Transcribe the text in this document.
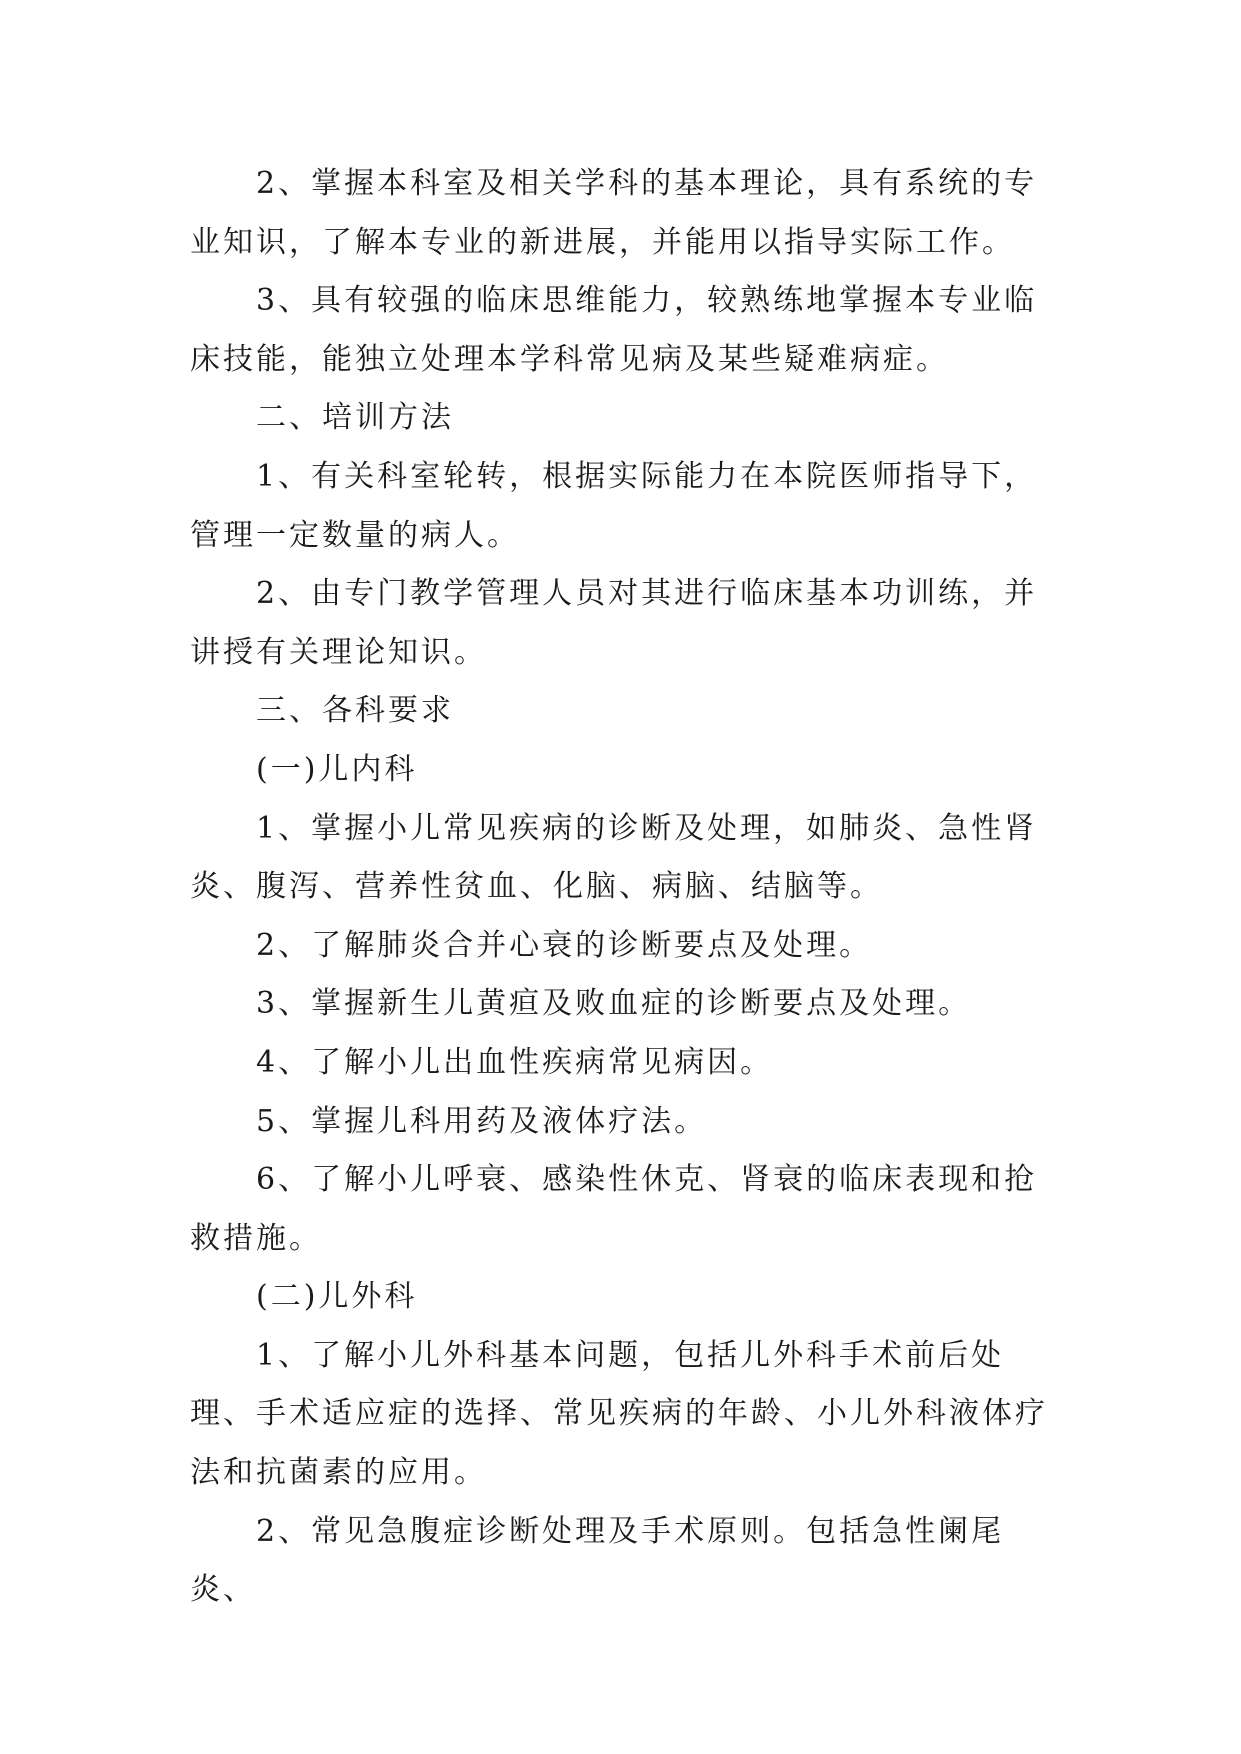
2、掌握本科室及相关学科的基本理论，具有系统的专业知识，了解本专业的新进展，并能用以指导实际工作。

3、具有较强的临床思维能力，较熟练地掌握本专业临床技能，能独立处理本学科常见病及某些疑难病症。

二、培训方法

1、有关科室轮转，根据实际能力在本院医师指导下，管理一定数量的病人。

2、由专门教学管理人员对其进行临床基本功训练，并讲授有关理论知识。

三、各科要求

(一)儿内科

1、掌握小儿常见疾病的诊断及处理，如肺炎、急性肾炎、腹泻、营养性贫血、化脑、病脑、结脑等。

2、了解肺炎合并心衰的诊断要点及处理。

3、掌握新生儿黄疸及败血症的诊断要点及处理。

4、了解小儿出血性疾病常见病因。

5、掌握儿科用药及液体疗法。

6、了解小儿呼衰、感染性休克、肾衰的临床表现和抢救措施。

(二)儿外科

1、了解小儿外科基本问题，包括儿外科手术前后处理、手术适应症的选择、常见疾病的年龄、小儿外科液体疗法和抗菌素的应用。

2、常见急腹症诊断处理及手术原则。包括急性阑尾炎、
